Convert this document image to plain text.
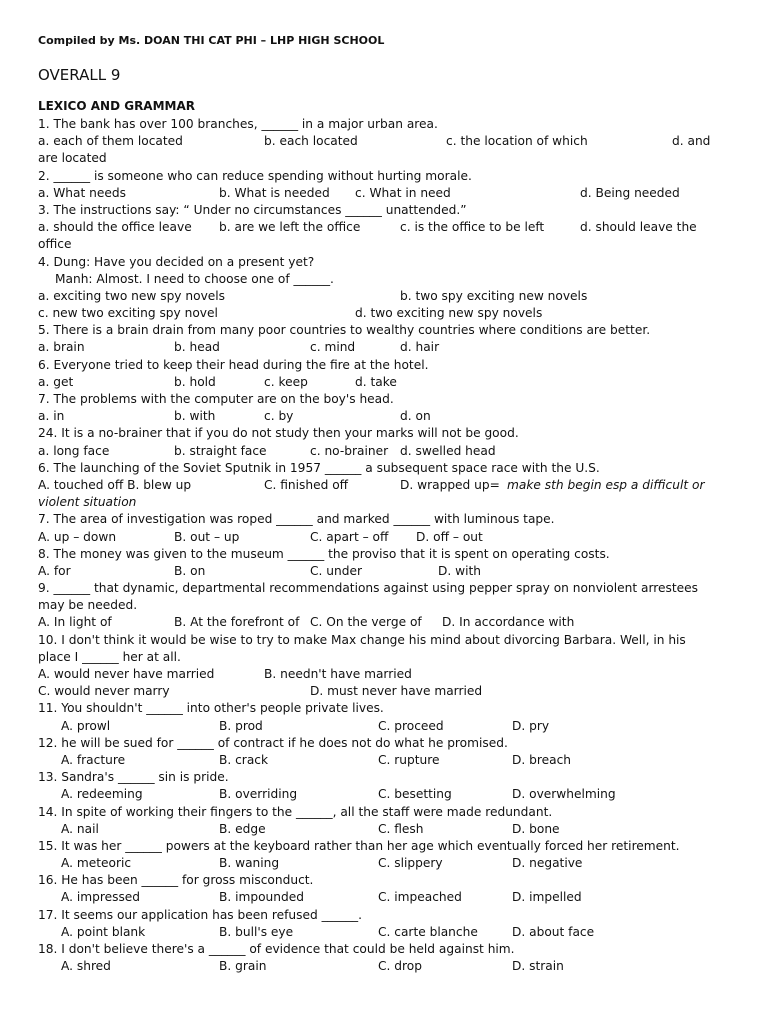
Compiled by Ms. DOAN THI CAT PHI – LHP HIGH SCHOOL
OVERALL 9
LEXICO AND GRAMMAR
1. The bank has over 100 branches, ______ in a major urban area.
a. each of them located	b. each located	c. the location of which	d. and
are located
2. ______ is someone who can reduce spending without hurting morale.
a. What needs	b. What is needed c. What in need	d. Being needed
3. The instructions say: “ Under no circumstances ______ unattended.”
a. should the office leave b. are we left the office	c. is the office to be left	d. should leave the
office
4. Dung: Have you decided on a present yet?
Manh: Almost. I need to choose one of ______.
a. exciting two new spy novels	b. two spy exciting new novels
c. new two exciting spy novel	d. two exciting new spy novels
5. There is a brain drain from many poor countries to wealthy countries where conditions are better.
a. brain	b. head	c. mind	d. hair
6. Everyone tried to keep their head during the fire at the hotel.
a. get	b. hold	c. keep	d. take
7. The problems with the computer are on the boy's head.
a. in	b. with	c. by	d. on
24. It is a no-brainer that if you do not study then your marks will not be good.
a. long face	b. straight face	c. no-brainer d. swelled head
6. The launching of the Soviet Sputnik in 1957 ______ a subsequent space race with the U.S.
A. touched off B. blew up	C. finished off	D. wrapped up= make sth begin esp a difficult or
violent situation
7. The area of investigation was roped ______ and marked ______ with luminous tape.
A. up – down	B. out – up	C. apart – off D. off – out
8. The money was given to the museum ______ the proviso that it is spent on operating costs.
A. for	B. on	C. under	D. with
9. ______ that dynamic, departmental recommendations against using pepper spray on nonviolent arrestees
may be needed.
A. In light of	B. At the forefront of C. On the verge of D. In accordance with
10. I don't think it would be wise to try to make Max change his mind about divorcing Barbara. Well, in his
place I ______ her at all.
A. would never have married	B. needn't have married
C. would never marry	D. must never have married
11. You shouldn't ______ into other's people private lives.
A. prowl	B. prod	C. proceed	D. pry
12. he will be sued for ______ of contract if he does not do what he promised.
A. fracture	B. crack	C. rupture	D. breach
13. Sandra's ______ sin is pride.
A. redeeming	B. overriding	C. besetting	D. overwhelming
14. In spite of working their fingers to the ______, all the staff were made redundant.
A. nail	B. edge	C. flesh	D. bone
15. It was her ______ powers at the keyboard rather than her age which eventually forced her retirement.
A. meteoric	B. waning	C. slippery	D. negative
16. He has been ______ for gross misconduct.
A. impressed	B. impounded	C. impeached	D. impelled
17. It seems our application has been refused ______.
A. point blank	B. bull's eye	C. carte blanche	D. about face
18. I don't believe there's a ______ of evidence that could be held against him.
A. shred	B. grain	C. drop	D. strain
